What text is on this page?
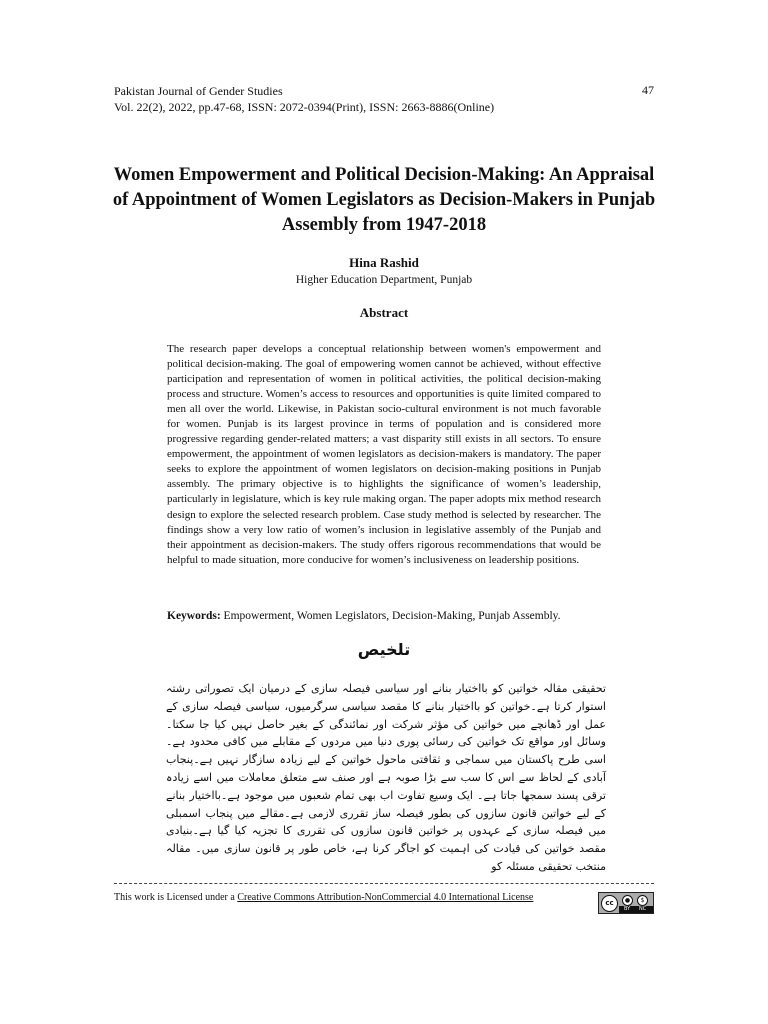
Pakistan Journal of Gender Studies
Vol. 22(2), 2022, pp.47-68, ISSN: 2072-0394(Print), ISSN: 2663-8886(Online)
47
Women Empowerment and Political Decision-Making: An Appraisal of Appointment of Women Legislators as Decision-Makers in Punjab Assembly from 1947-2018
Hina Rashid
Higher Education Department, Punjab
Abstract

The research paper develops a conceptual relationship between women's empowerment and political decision-making. The goal of empowering women cannot be achieved, without effective participation and representation of women in political activities, the political decision-making process and structure. Women’s access to resources and opportunities is quite limited compared to men all over the world. Likewise, in Pakistan socio-cultural environment is not much favorable for women. Punjab is its largest province in terms of population and is considered more progressive regarding gender-related matters; a vast disparity still exists in all sectors. To ensure empowerment, the appointment of women legislators as decision-makers is mandatory. The paper seeks to explore the appointment of women legislators on decision-making positions in Punjab assembly. The primary objective is to highlights the significance of women’s leadership, particularly in legislature, which is key rule making organ. The paper adopts mix method research design to explore the selected research problem. Case study method is selected by researcher. The findings show a very low ratio of women’s inclusion in legislative assembly of the Punjab and their appointment as decision-makers. The study offers rigorous recommendations that would be helpful to made situation, more conducive for women’s inclusiveness on leadership positions.

Keywords: Empowerment, Women Legislators, Decision-Making, Punjab Assembly.

تلخیص

تحقیقی مقالہ خواتین کو بااختیار بنانے اور سیاسی فیصلہ سازی کے درمیان ایک تصوراتی رشتہ استوار کرتا ہے۔خواتین کو بااختیار بنانے کا مقصد سیاسی سرگرمیوں، سیاسی فیصلہ سازی کے عمل اور ڈھانچے میں خواتین کی مؤثر شرکت اور نمائندگی کے بغیر حاصل نہیں کیا جا سکتا۔وسائل اور مواقع تک خواتین کی رسائی پوری دنیا میں مردوں کے مقابلے میں کافی محدود ہے۔ اسی طرح پاکستان میں سماجی و ثقافتی ماحول خواتین کے لیے زیادہ سازگار نہیں ہے۔پنجاب آبادی کے لحاظ سے اس کا سب سے بڑا صوبہ ہے اور صنف سے متعلق معاملات میں اسے زیادہ ترقی پسند سمجھا جاتا ہے۔ ایک وسیع تفاوت اب بھی تمام شعبوں میں موجود ہے۔بااختیار بنانے کے لیے خواتین قانون سازوں کی بطور فیصلہ ساز تقرری لازمی ہے۔مقالے میں پنجاب اسمبلی میں فیصلہ سازی کے عہدوں پر خواتین قانون سازوں کی تقرری کا تجزیہ کیا گیا ہے۔بنیادی مقصد خواتین کی قیادت کی اہمیت کو اجاگر کرنا ہے، خاص طور پر قانون سازی میں۔ مقالہ منتخب تحقیقی مسئلہ کو

This work is Licensed under a Creative Commons Attribution-NonCommercial 4.0 International License	cc	●	$
BY NC
